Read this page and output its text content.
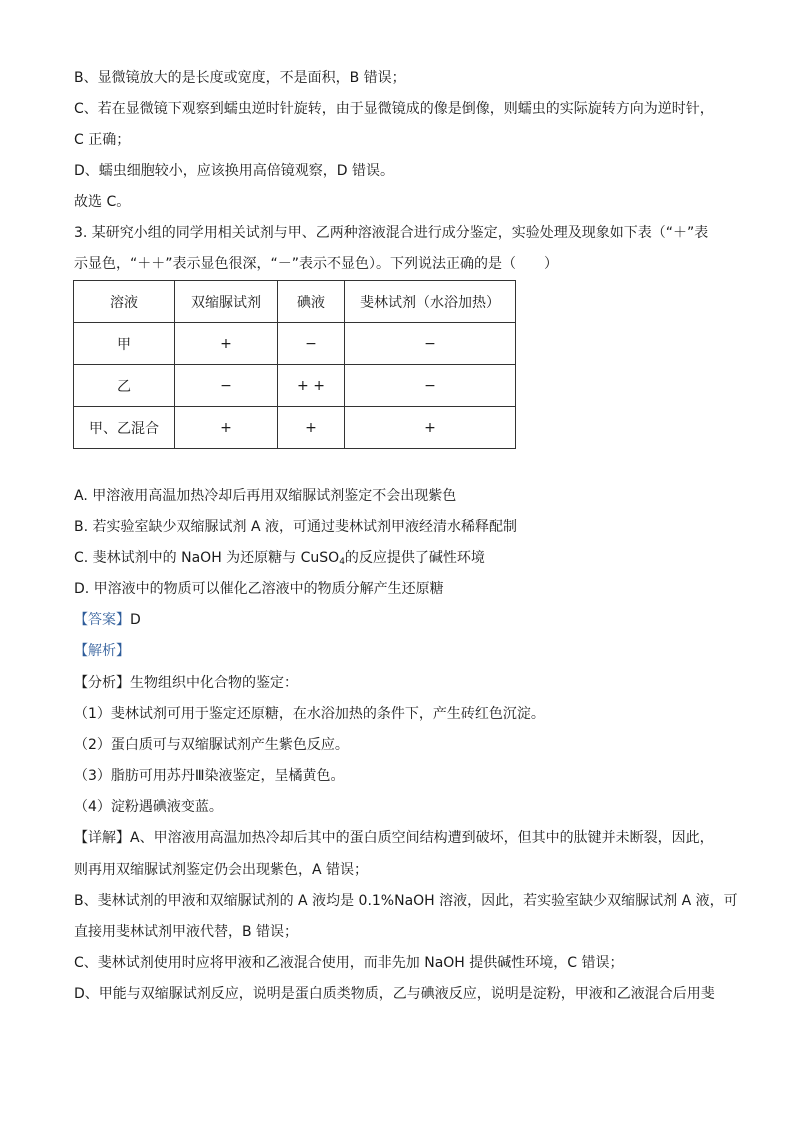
B、显微镜放大的是长度或宽度，不是面积，B 错误；
C、若在显微镜下观察到蠕虫逆时针旋转，由于显微镜成的像是倒像，则蠕虫的实际旋转方向为逆时针，
C 正确；
D、蠕虫细胞较小，应该换用高倍镜观察，D 错误。
故选 C。
3. 某研究小组的同学用相关试剂与甲、乙两种溶液混合进行成分鉴定，实验处理及现象如下表（“＋”表
示显色，“＋＋”表示显色很深，“－”表示不显色）。下列说法正确的是（　　）
溶液	双缩脲试剂	碘液	斐林试剂（水浴加热）
甲	+	−	−
乙	−	+ +	−
甲、乙混合	+	+	+
A. 甲溶液用高温加热冷却后再用双缩脲试剂鉴定不会出现紫色
B. 若实验室缺少双缩脲试剂 A 液，可通过斐林试剂甲液经清水稀释配制
C. 斐林试剂中的 NaOH 为还原糖与 CuSO$_4$的反应提供了碱性环境
D. 甲溶液中的物质可以催化乙溶液中的物质分解产生还原糖
【答案】D
【解析】
【分析】生物组织中化合物的鉴定：
（1）斐林试剂可用于鉴定还原糖，在水浴加热的条件下，产生砖红色沉淀。
（2）蛋白质可与双缩脲试剂产生紫色反应。
（3）脂肪可用苏丹Ⅲ染液鉴定，呈橘黄色。
（4）淀粉遇碘液变蓝。
【详解】A、甲溶液用高温加热冷却后其中的蛋白质空间结构遭到破坏，但其中的肽键并未断裂，因此，
则再用双缩脲试剂鉴定仍会出现紫色，A 错误；
B、斐林试剂的甲液和双缩脲试剂的 A 液均是 0.1%NaOH 溶液，因此，若实验室缺少双缩脲试剂 A 液，可
直接用斐林试剂甲液代替，B 错误；
C、斐林试剂使用时应将甲液和乙液混合使用，而非先加 NaOH 提供碱性环境，C 错误；
D、甲能与双缩脲试剂反应，说明是蛋白质类物质，乙与碘液反应，说明是淀粉，甲液和乙液混合后用斐
